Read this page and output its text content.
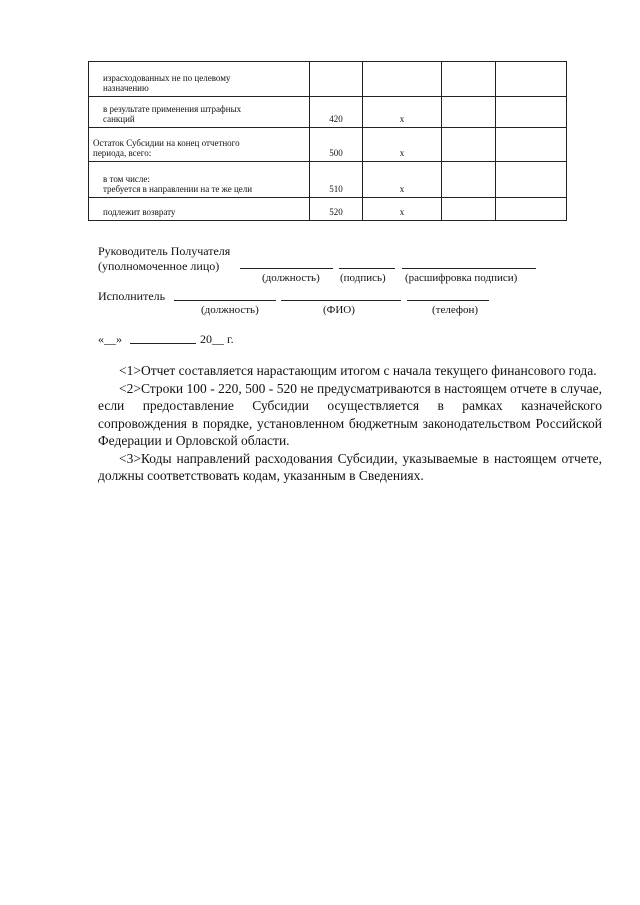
израсходованных не по целевому
назначению				

в результате применения штрафных
санкций	420	х		

Остаток Субсидии на конец отчетного
периода, всего:	500	х		

в том числе:
требуется в направлении на те же цели	510	х		

подлежит возврату	520	х		

Руководитель Получателя
(уполномоченное лицо)
(должность) (подпись) (расшифровка подписи)
Исполнитель
(должность)	(ФИО)	(телефон)
«__»	20__ г.

<1>Отчет составляется нарастающим итогом с начала текущего финансового года.

<2>Строки 100 - 220, 500 - 520 не предусматриваются в настоящем отчете в случае, если предоставление Субсидии осуществляется в рамках казначейского сопровождения в порядке, установленном бюджетным законодательством Российской Федерации и Орловской области.

<3>Коды направлений расходования Субсидии, указываемые в настоящем отчете, должны соответствовать кодам, указанным в Сведениях.
